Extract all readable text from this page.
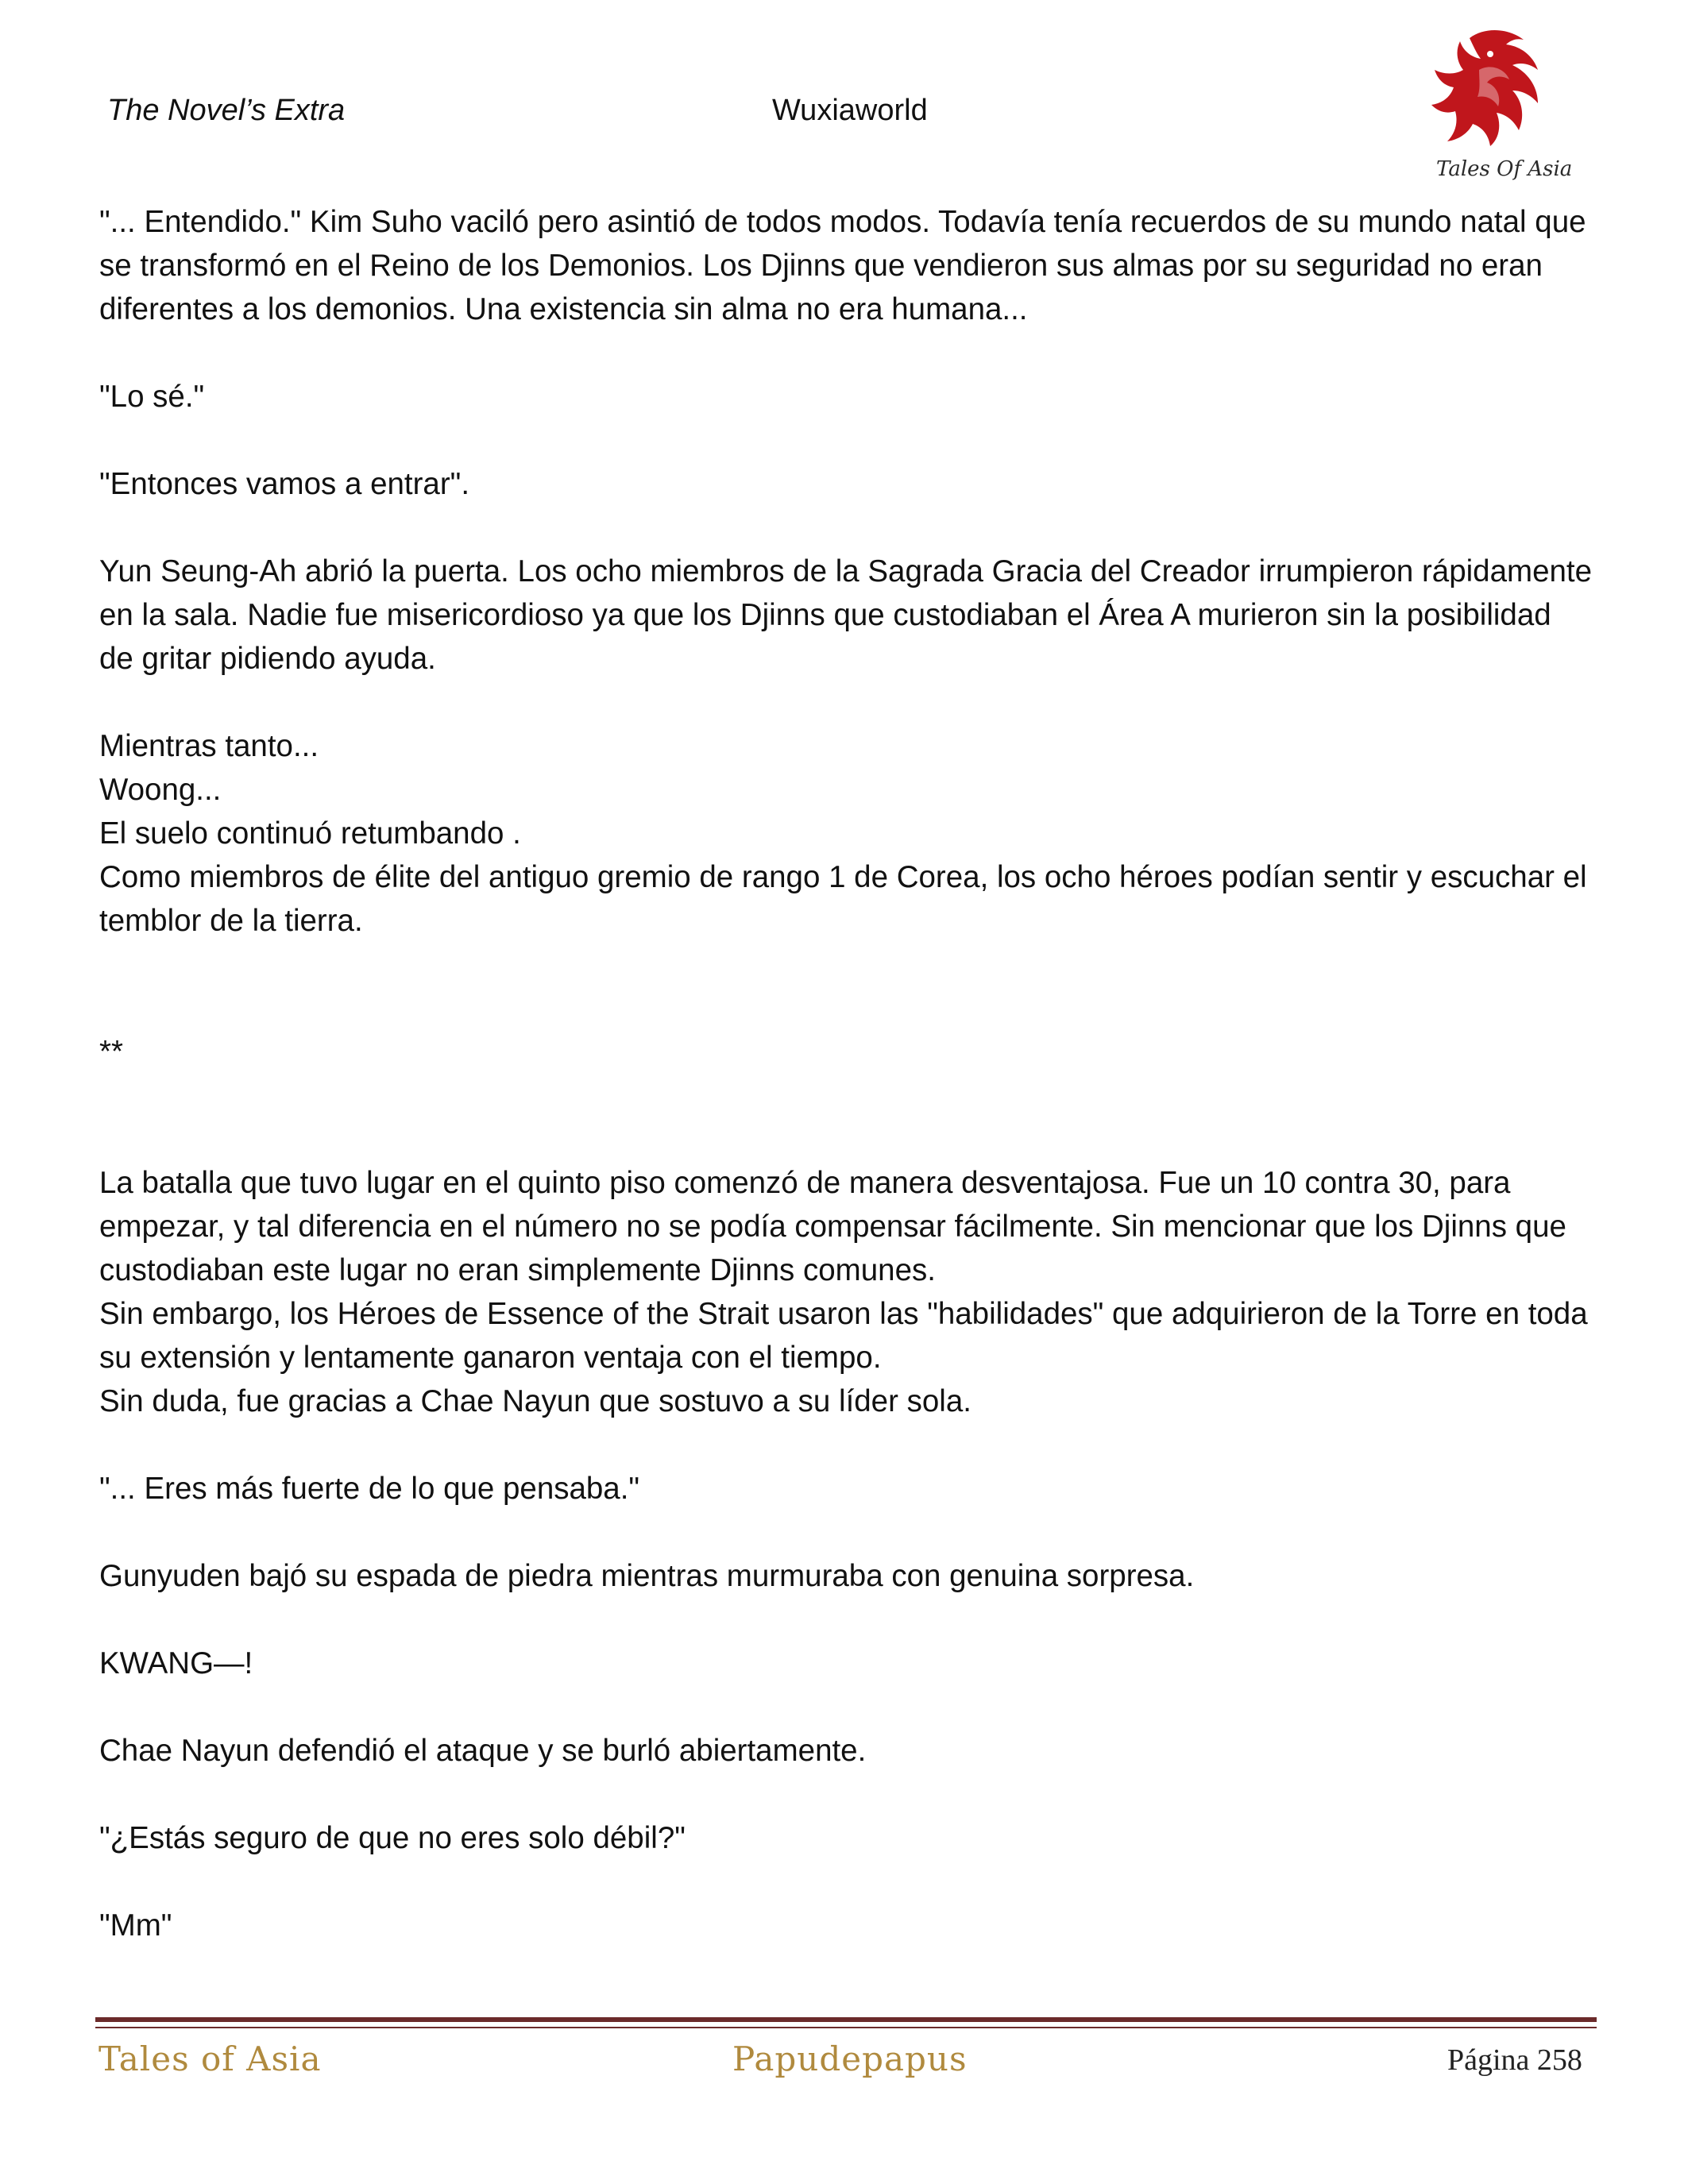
The Novel’s Extra	Wuxiaworld
Tales Of Asia

"... Entendido." Kim Suho vaciló pero asintió de todos modos. Todavía tenía recuerdos de su mundo natal que se transformó en el Reino de los Demonios. Los Djinns que vendieron sus almas por su seguridad no eran diferentes a los demonios. Una existencia sin alma no era humana...

"Lo sé."

"Entonces vamos a entrar".

Yun Seung-Ah abrió la puerta. Los ocho miembros de la Sagrada Gracia del Creador irrumpieron rápidamente en la sala. Nadie fue misericordioso ya que los Djinns que custodiaban el Área A murieron sin la posibilidad de gritar pidiendo ayuda.

Mientras tanto...

Woong...

El suelo continuó retumbando .

Como miembros de élite del antiguo gremio de rango 1 de Corea, los ocho héroes podían sentir y escuchar el temblor de la tierra.

**

La batalla que tuvo lugar en el quinto piso comenzó de manera desventajosa. Fue un 10 contra 30, para empezar, y tal diferencia en el número no se podía compensar fácilmente. Sin mencionar que los Djinns que custodiaban este lugar no eran simplemente Djinns comunes.

Sin embargo, los Héroes de Essence of the Strait usaron las "habilidades" que adquirieron de la Torre en toda su extensión y lentamente ganaron ventaja con el tiempo.

Sin duda, fue gracias a Chae Nayun que sostuvo a su líder sola.

"... Eres más fuerte de lo que pensaba."

Gunyuden bajó su espada de piedra mientras murmuraba con genuina sorpresa.

KWANG—!

Chae Nayun defendió el ataque y se burló abiertamente.

"¿Estás seguro de que no eres solo débil?"

"Mm"

Tales of Asia	Papudepapus	Página 258
